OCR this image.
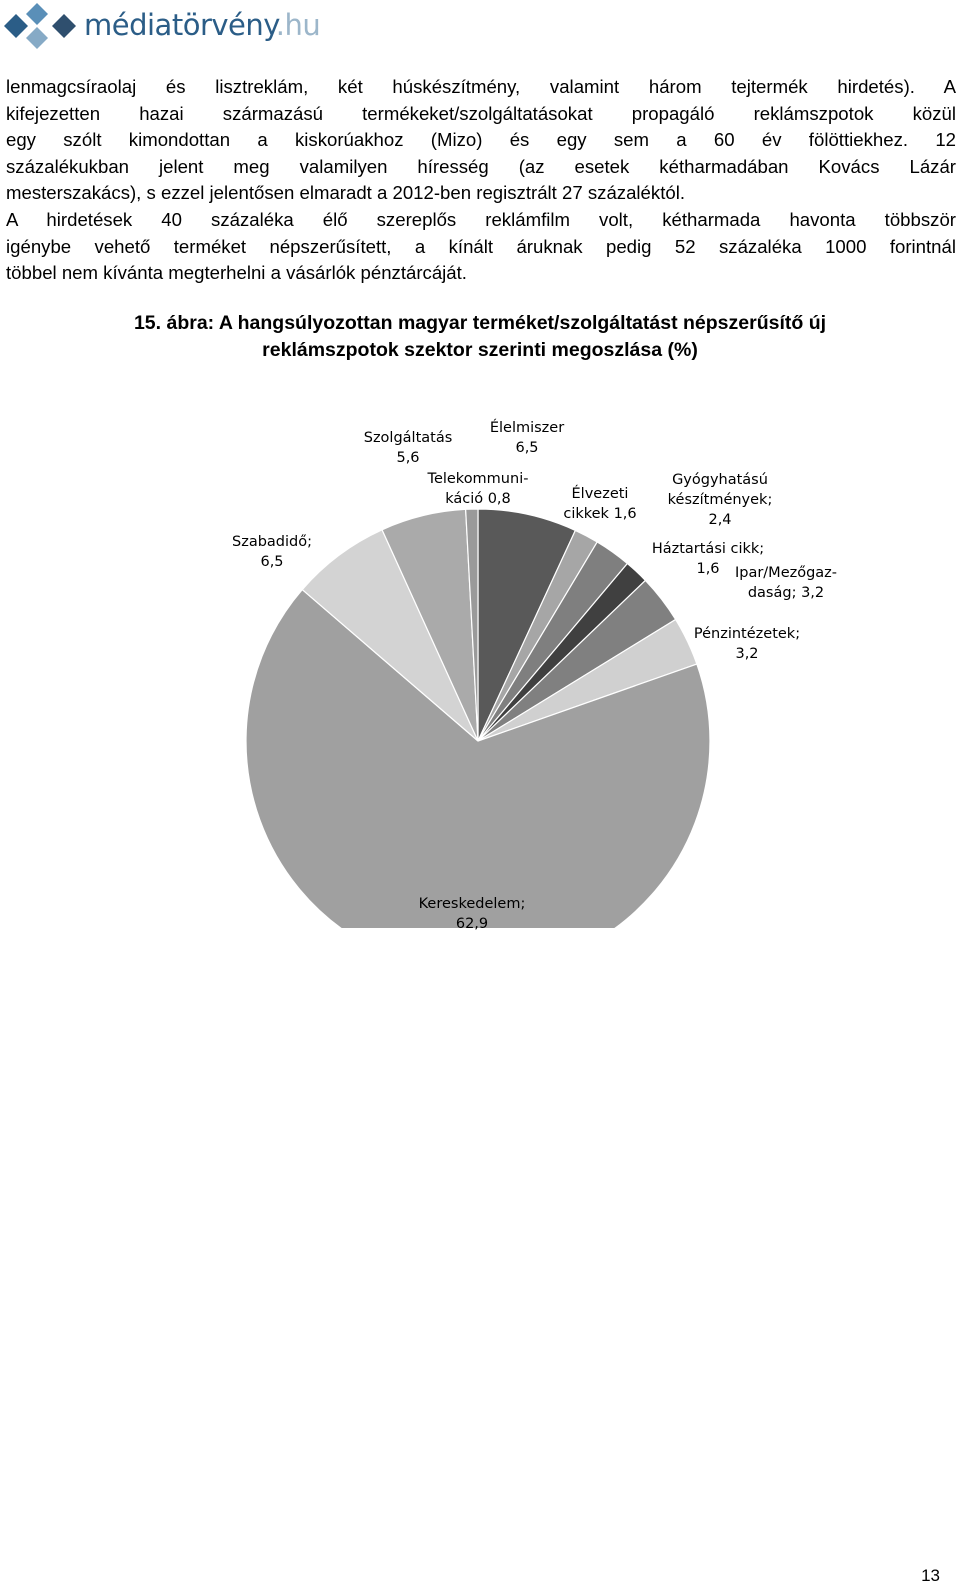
médiatörvény.hu

lenmagcsíraolaj és lisztreklám, két húskészítmény, valamint három tejtermék hirdetés). A
kifejezetten hazai származású termékeket/szolgáltatásokat propagáló reklámszpotok közül
egy szólt kimondottan a kiskorúakhoz (Mizo) és egy sem a 60 év fölöttiekhez. 12
százalékukban jelent meg valamilyen híresség (az esetek kétharmadában Kovács Lázár
mesterszakács), s ezzel jelentősen elmaradt a 2012-ben regisztrált 27 százaléktól.
A hirdetések 40 százaléka élő szereplős reklámfilm volt, kétharmada havonta többször
igénybe vehető terméket népszerűsített, a kínált áruknak pedig 52 százaléka 1000 forintnál
többel nem kívánta megterhelni a vásárlók pénztárcáját.

15. ábra: A hangsúlyozottan magyar terméket/szolgáltatást népszerűsítő új
reklámszpotok szektor szerinti megoszlása (%)

Élelmiszer 6,5
Élvezeti cikkek 1,6
Gyógyhatású készítmények; 2,4
Háztartási cikk; 1,6	Ipar/Mezőgaz-daság; 3,2
Pénzintézetek; 3,2
Kereskedelem; 62,9
Szabadidő; 6,5
Szolgáltatás 5,6
Telekommuni-káció 0,8
13
